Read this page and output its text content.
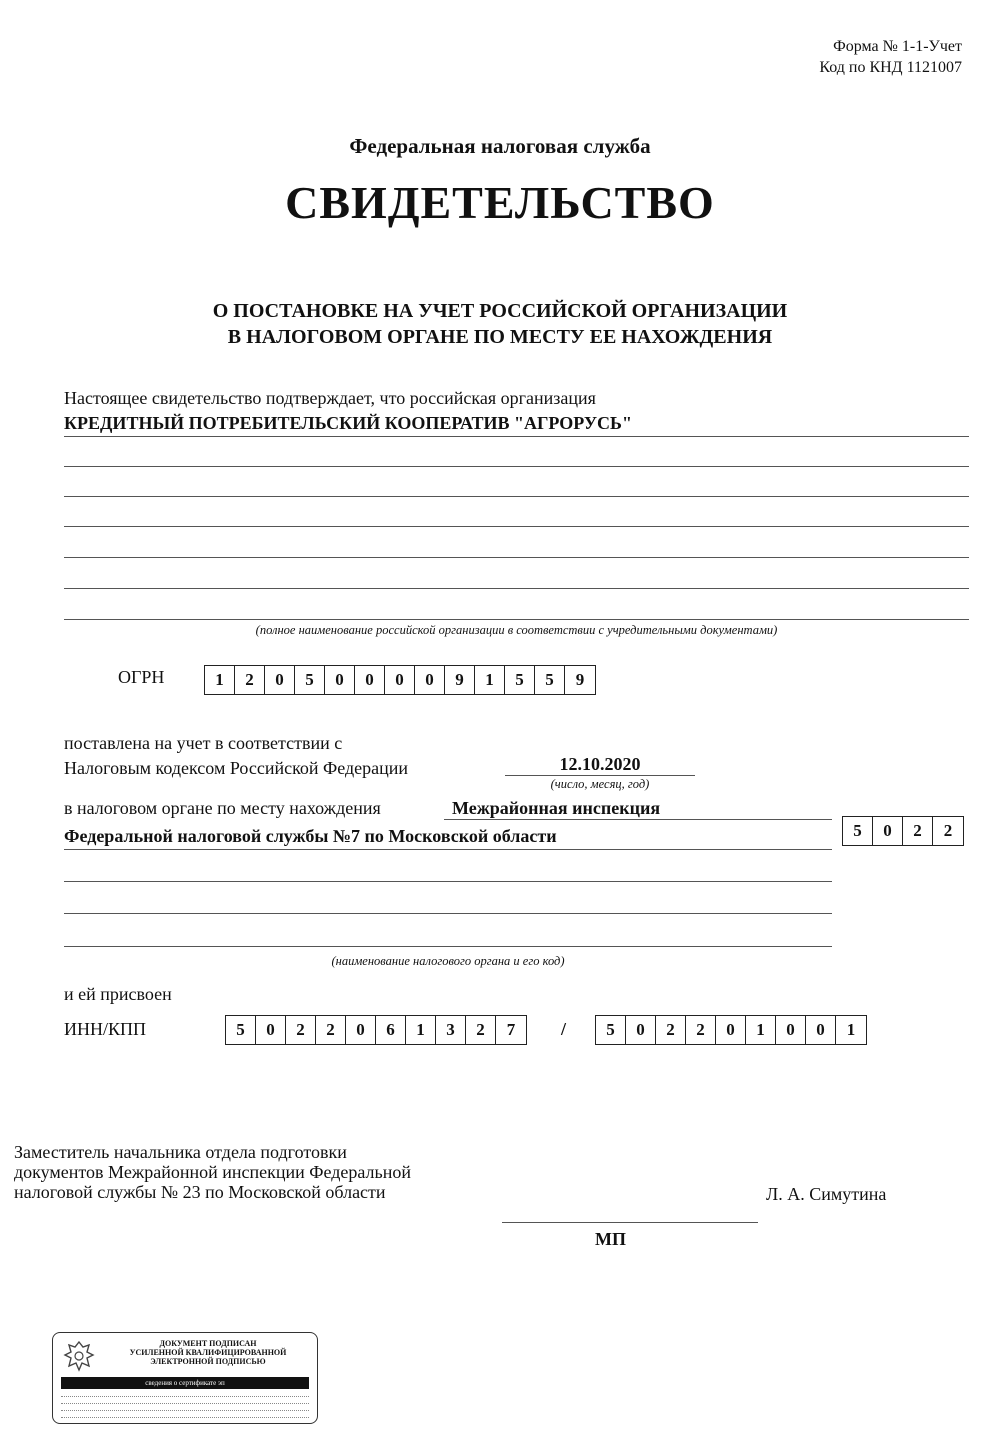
Форма № 1-1-Учет
Код по КНД 1121007
Федеральная налоговая служба
СВИДЕТЕЛЬСТВО
О ПОСТАНОВКЕ НА УЧЕТ РОССИЙСКОЙ ОРГАНИЗАЦИИ
В НАЛОГОВОМ ОРГАНЕ ПО МЕСТУ ЕЕ НАХОЖДЕНИЯ
Настоящее свидетельство подтверждает, что российская организация
КРЕДИТНЫЙ ПОТРЕБИТЕЛЬСКИЙ КООПЕРАТИВ "АГРОРУСЬ"
(полное наименование российской организации в соответствии с учредительными документами)
ОГРН	1	2	0	5	0	0	0	0	9	1	5	5	9
поставлена на учет в соответствии с
Налоговым кодексом Российской Федерации	12.10.2020
(число, месяц, год)
в налоговом органе по месту нахождения	Межрайонная инспекция
Федеральной налоговой службы №7 по Московской области	5	0	2	2
(наименование налогового органа и его код)
и ей присвоен
ИНН/КПП	5	0	2	2	0	6	1	3	2	7	/	5	0	2	2	0	1	0	0	1
Заместитель начальника отдела подготовки
документов Межрайонной инспекции Федеральной
налоговой службы № 23 по Московской области	Л. А. Симутина
МП
ДОКУМЕНТ ПОДПИСАН
УСИЛЕННОЙ КВАЛИФИЦИРОВАННОЙ
ЭЛЕКТРОННОЙ ПОДПИСЬЮ
сведения о сертификате эп
